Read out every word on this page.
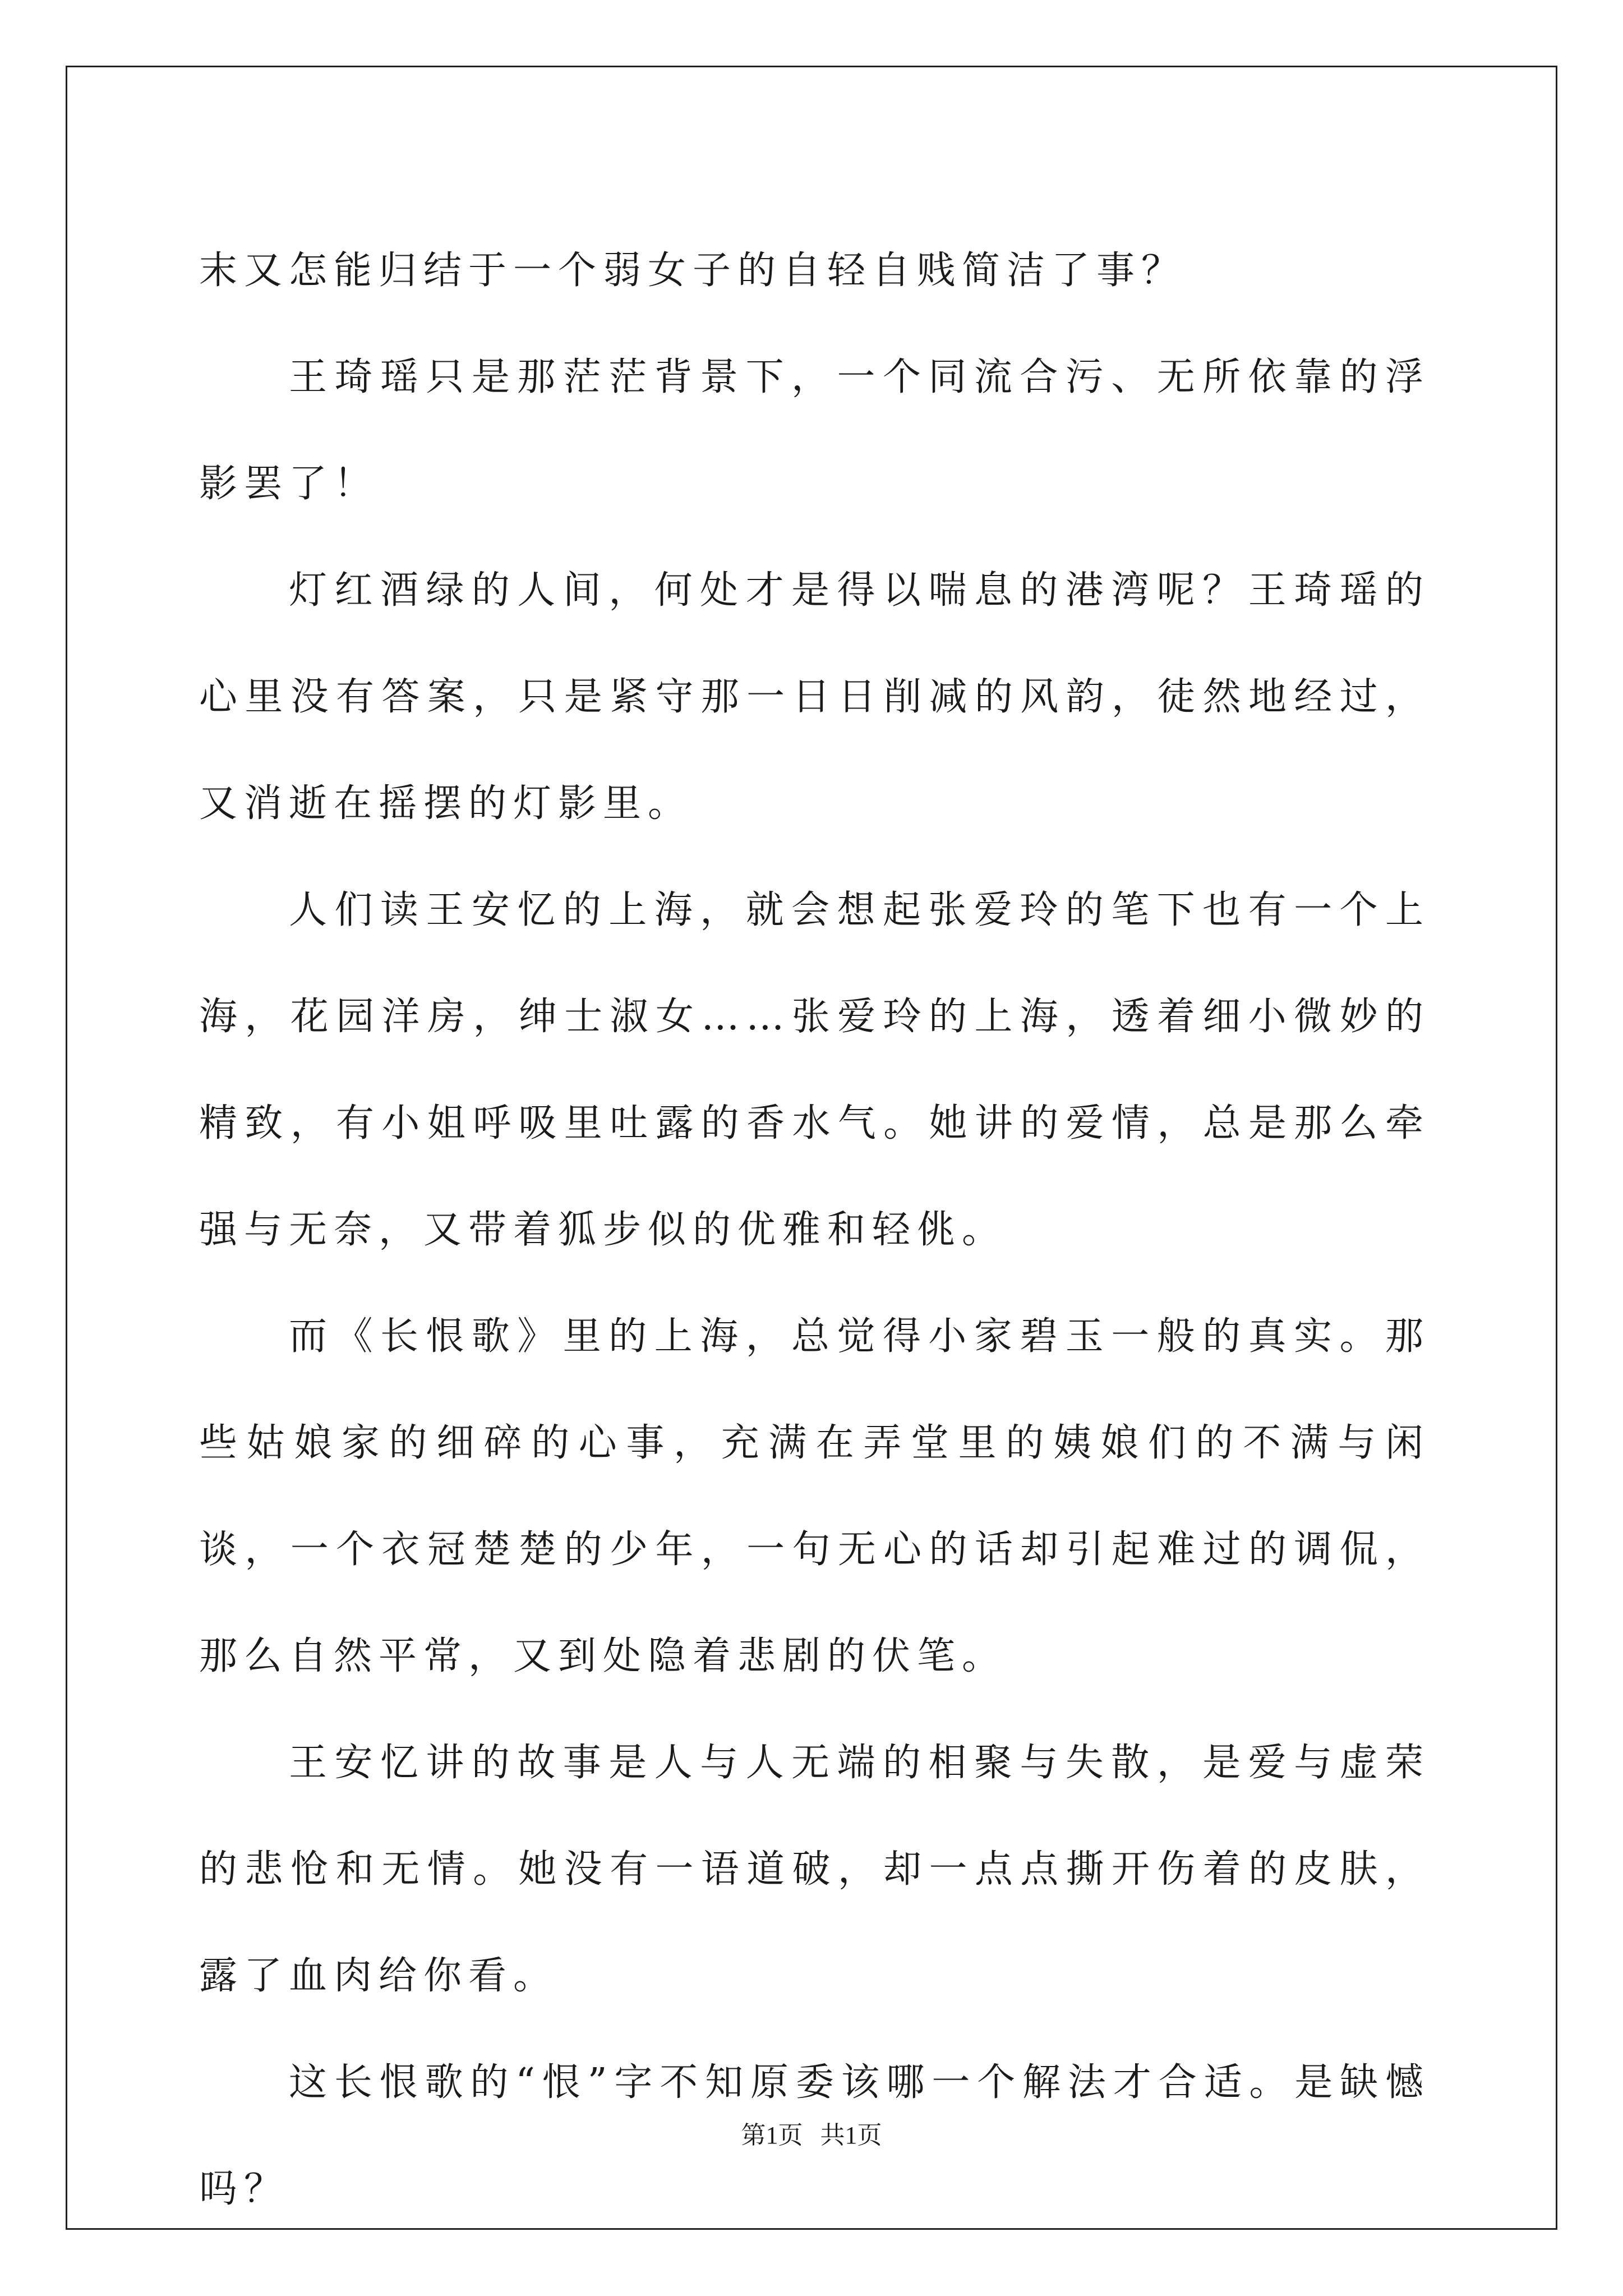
末又怎能归结于一个弱女子的自轻自贱简洁了事？

王琦瑶只是那茫茫背景下，一个同流合污、无所依靠的浮影罢了！

灯红酒绿的人间，何处才是得以喘息的港湾呢？王琦瑶的心里没有答案，只是紧守那一日日削减的风韵，徒然地经过，又消逝在摇摆的灯影里。

人们读王安忆的上海，就会想起张爱玲的笔下也有一个上海，花园洋房，绅士淑女……张爱玲的上海，透着细小微妙的精致，有小姐呼吸里吐露的香水气。她讲的爱情，总是那么牵强与无奈，又带着狐步似的优雅和轻佻。

而《长恨歌》里的上海，总觉得小家碧玉一般的真实。那些姑娘家的细碎的心事，充满在弄堂里的姨娘们的不满与闲谈，一个衣冠楚楚的少年，一句无心的话却引起难过的调侃，那么自然平常，又到处隐着悲剧的伏笔。

王安忆讲的故事是人与人无端的相聚与失散，是爱与虚荣的悲怆和无情。她没有一语道破，却一点点撕开伤着的皮肤，露了血肉给你看。

这长恨歌的“恨”字不知原委该哪一个解法才合适。是缺憾吗？

第1页 共1页
